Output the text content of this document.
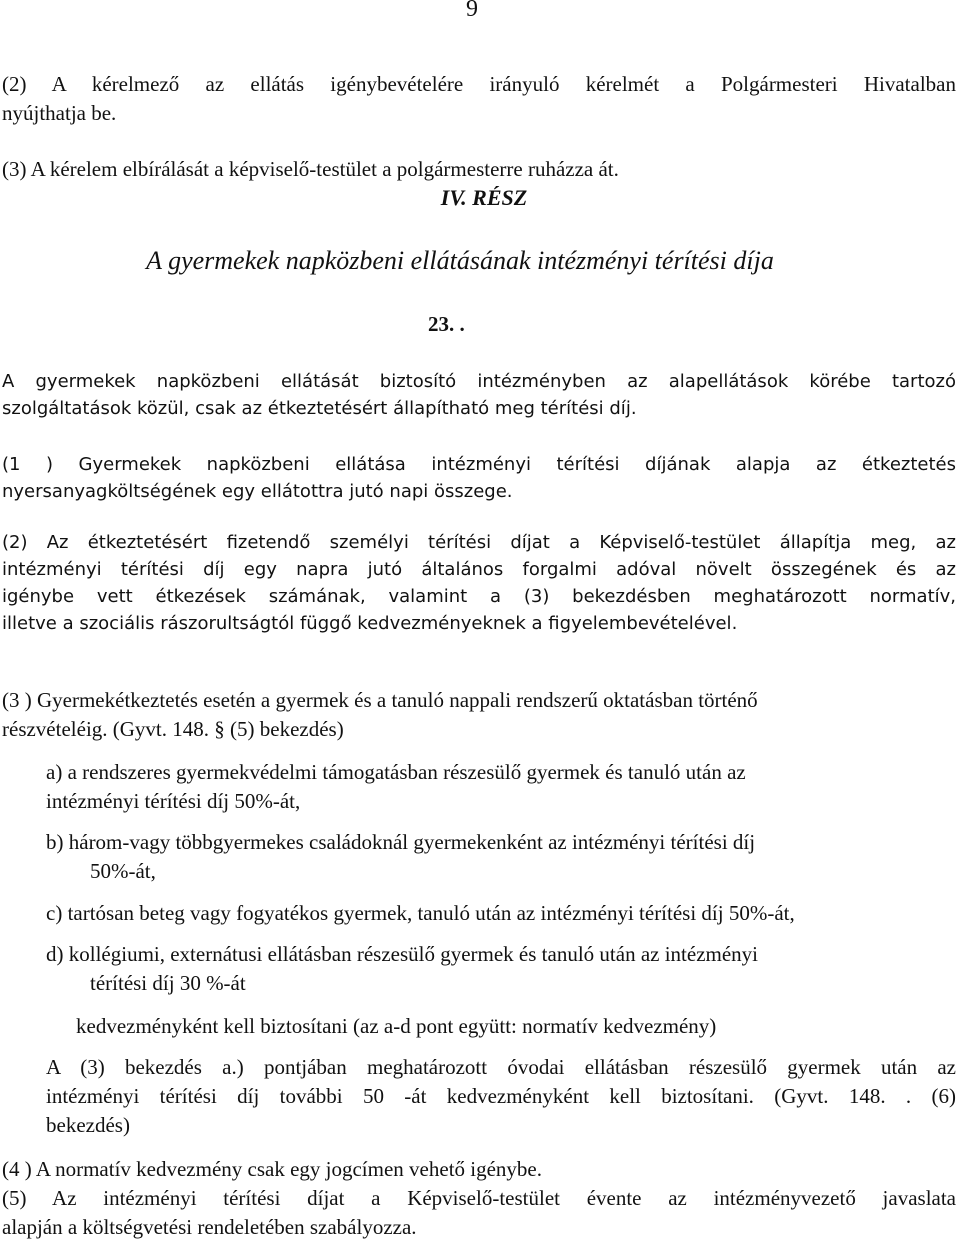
9

(2) A kérelmező az ellátás igénybevételére irányuló kérelmét a Polgármesteri Hivatalban
nyújthatja be.

(3) A kérelem elbírálását a képviselő-testület a polgármesterre ruházza át.

IV. RÉSZ
A gyermekek napközbeni ellátásának intézményi térítési díja
23. .

A gyermekek napközbeni ellátását biztosító intézményben az alapellátások körébe tartozó
szolgáltatások közül, csak az étkeztetésért állapítható meg térítési díj.

(1 ) Gyermekek napközbeni ellátása intézményi térítési díjának alapja az étkeztetés
nyersanyagköltségének egy ellátottra jutó napi összege.

(2) Az étkeztetésért fizetendő személyi térítési díjat a Képviselő-testület állapítja meg, az
intézményi térítési díj egy napra jutó általános forgalmi adóval növelt összegének és az
igénybe vett étkezések számának, valamint a (3) bekezdésben meghatározott normatív,
illetve a szociális rászorultságtól függő kedvezményeknek a figyelembevételével.

(3 ) Gyermekétkeztetés esetén a gyermek és a tanuló nappali rendszerű oktatásban történő
részvételéig. (Gyvt. 148. § (5) bekezdés)

a) a rendszeres gyermekvédelmi támogatásban részesülő gyermek és tanuló után az
intézményi térítési díj 50%-át,
b) három-vagy többgyermekes családoknál gyermekenként az intézményi térítési díj
50%-át,
c) tartósan beteg vagy fogyatékos gyermek, tanuló után az intézményi térítési díj 50%-át,
d) kollégiumi, externátusi ellátásban részesülő gyermek és tanuló után az intézményi
térítési díj 30 %-át
kedvezményként kell biztosítani (az a-d pont együtt: normatív kedvezmény)

A (3) bekezdés a.) pontjában meghatározott óvodai ellátásban részesülő gyermek után az
intézményi térítési díj további 50 -át kedvezményként kell biztosítani. (Gyvt. 148. . (6)
bekezdés)

(4 ) A normatív kedvezmény csak egy jogcímen vehető igénybe.

(5) Az intézményi térítési díjat a Képviselő-testület évente az intézményvezető javaslata
alapján a költségvetési rendeletében szabályozza.
